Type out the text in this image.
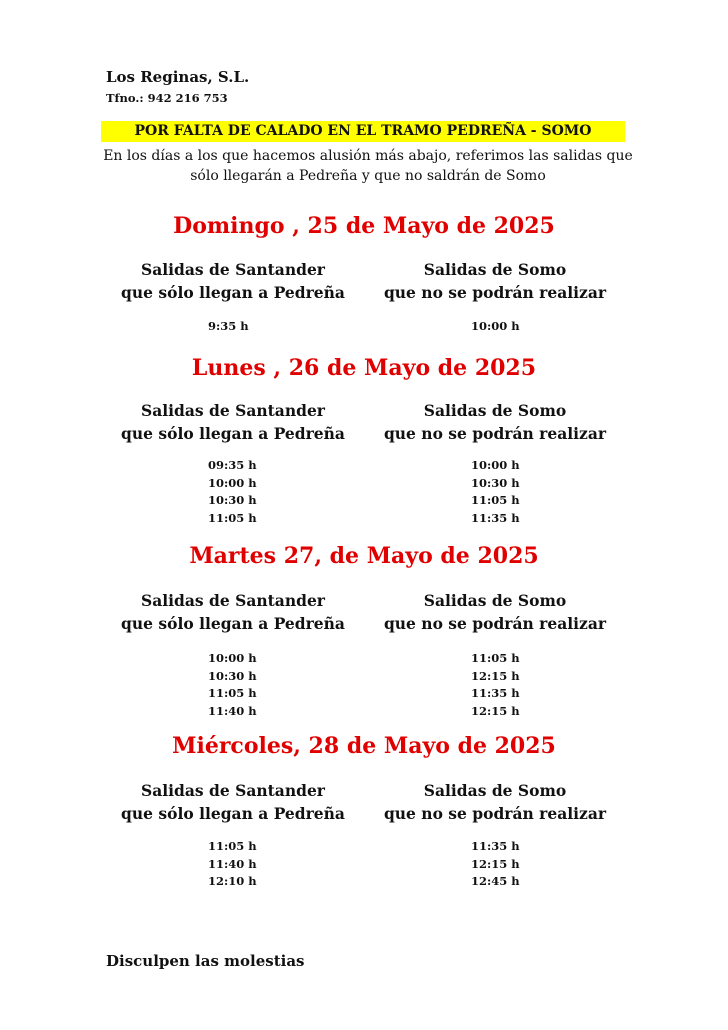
Los Reginas, S.L.
Tfno.: 942 216 753
POR FALTA DE CALADO EN EL TRAMO PEDREÑA - SOMO
En los días a los que hacemos alusión más abajo, referimos las salidas que
sólo llegarán a Pedreña y que no saldrán de Somo
Domingo , 25 de Mayo de 2025
Salidas de Santander
que sólo llegan a Pedreña
Salidas de Somo
que no se podrán realizar
9:35 h	10:00 h
Lunes , 26 de Mayo de 2025
Salidas de Santander
que sólo llegan a Pedreña
Salidas de Somo
que no se podrán realizar
09:35 h
10:00 h
10:30 h
11:05 h
10:00 h
10:30 h
11:05 h
11:35 h
Martes 27, de Mayo de 2025
Salidas de Santander
que sólo llegan a Pedreña
Salidas de Somo
que no se podrán realizar
10:00 h
10:30 h
11:05 h
11:40 h
11:05 h
12:15 h
11:35 h
12:15 h
Miércoles, 28 de Mayo de 2025
Salidas de Santander
que sólo llegan a Pedreña
Salidas de Somo
que no se podrán realizar
11:05 h
11:40 h
12:10 h
11:35 h
12:15 h
12:45 h
Disculpen las molestias
